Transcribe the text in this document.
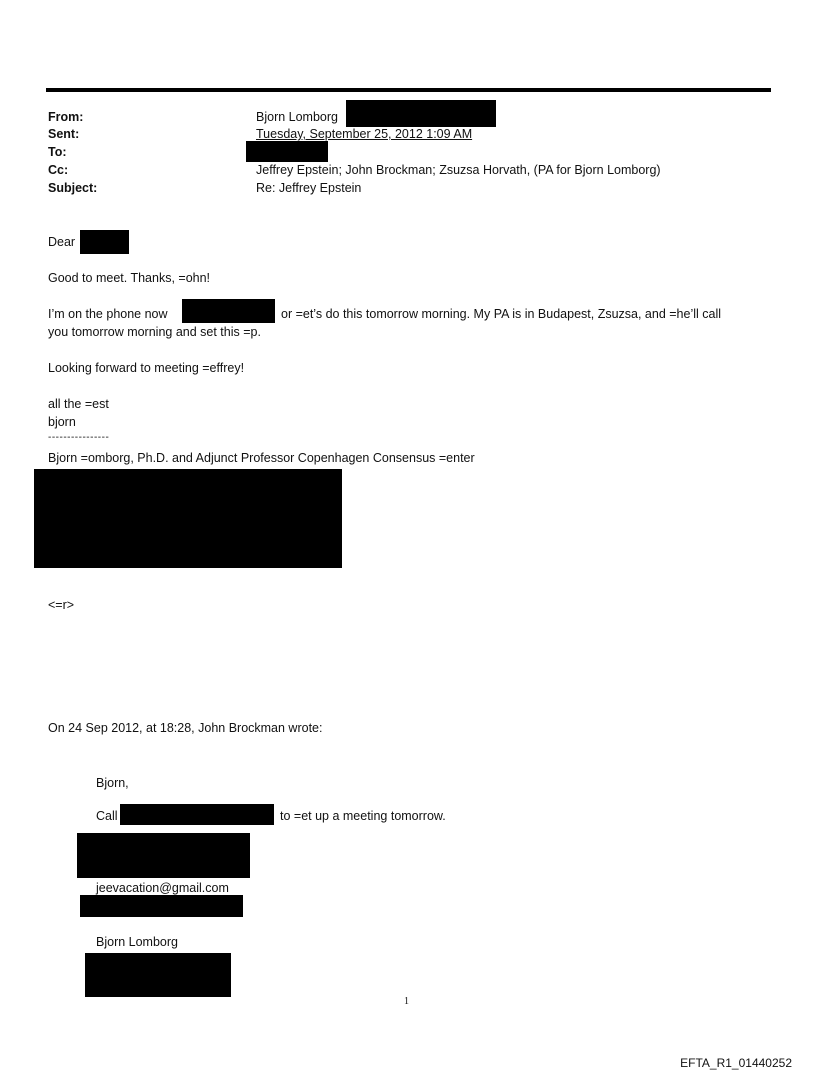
From:
Sent:
To:
Cc:
Subject:
Bjorn Lomborg
Tuesday, September 25, 2012 1:09 AM
Jeffrey Epstein; John Brockman; Zsuzsa Horvath, (PA for Bjorn Lomborg)
Re: Jeffrey Epstein
Dear
Good to meet. Thanks, =ohn!
I’m on the phone now	or =et’s do this tomorrow morning. My PA is in Budapest, Zsuzsa, and =he’ll call
you tomorrow morning and set this =p.
Looking forward to meeting =effrey!
all the =est
bjorn
----------------
Bjorn =omborg, Ph.D. and Adjunct Professor Copenhagen Consensus =enter
<=r>
On 24 Sep 2012, at 18:28, John Brockman wrote:
Bjorn,
Call	to =et up a meeting tomorrow.
jeevacation@gmail.com
Bjorn Lomborg
1
EFTA_R1_01440252
